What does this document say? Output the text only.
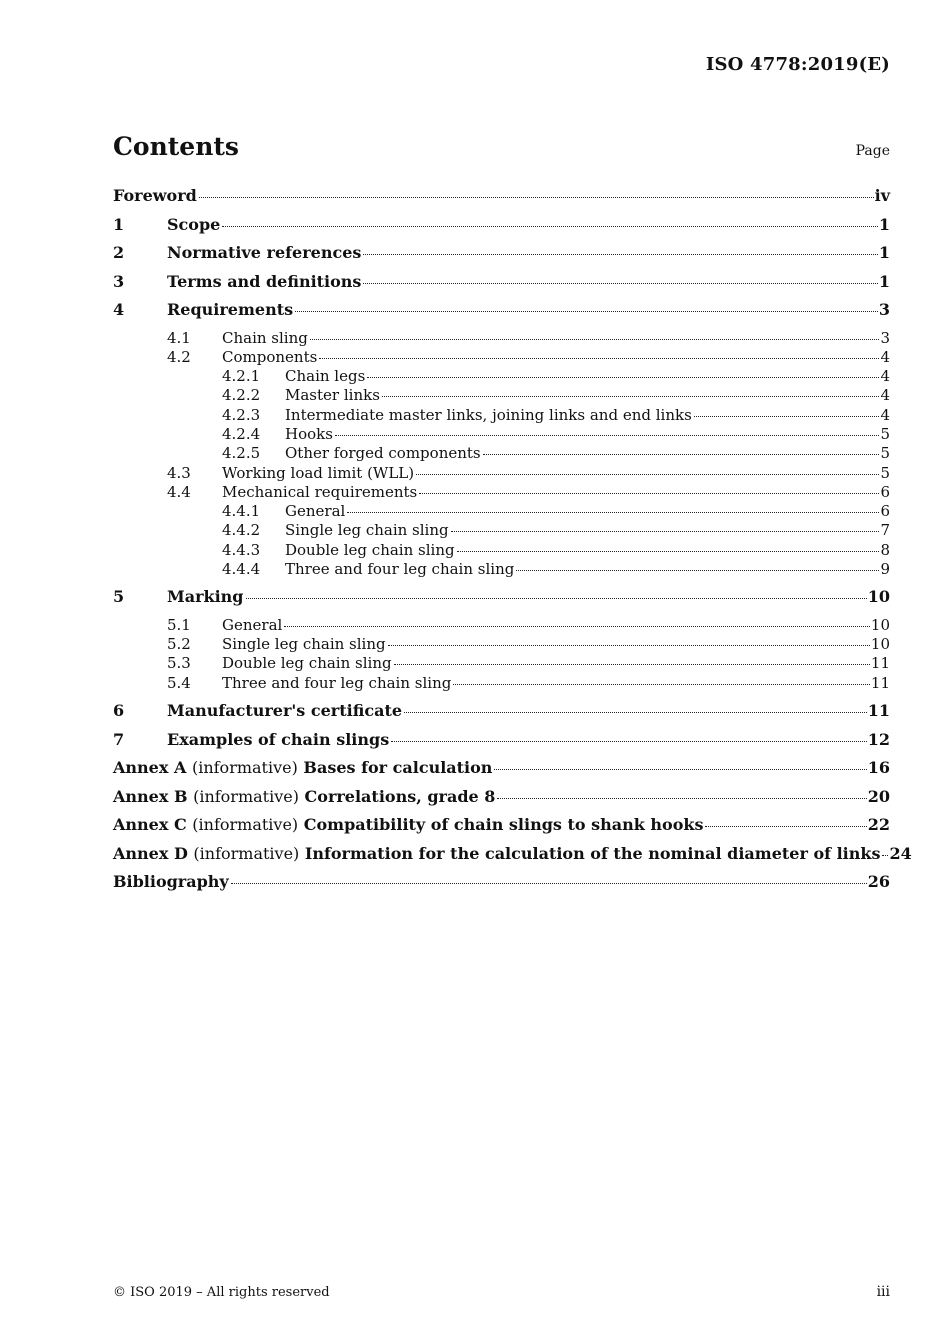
ISO 4778:2019(E)
Contents	Page
Foreword	iv
1	Scope	1
2	Normative references	1
3	Terms and definitions	1
4	Requirements	3
4.1	Chain sling	3
4.2	Components	4
4.2.1	Chain legs	4
4.2.2	Master links	4
4.2.3	Intermediate master links, joining links and end links	4
4.2.4	Hooks	5
4.2.5	Other forged components	5
4.3	Working load limit (WLL)	5
4.4	Mechanical requirements	6
4.4.1	General	6
4.4.2	Single leg chain sling	7
4.4.3	Double leg chain sling	8
4.4.4	Three and four leg chain sling	9
5	Marking	10
5.1	General	10
5.2	Single leg chain sling	10
5.3	Double leg chain sling	11
5.4	Three and four leg chain sling	11
6	Manufacturer's certificate	11
7	Examples of chain slings	12
Annex A (informative) Bases for calculation	16
Annex B (informative) Correlations, grade 8	20
Annex C (informative) Compatibility of chain slings to shank hooks	22
Annex D (informative) Information for the calculation of the nominal diameter of links 24
Bibliography	26
© ISO 2019 – All rights reserved	iii
